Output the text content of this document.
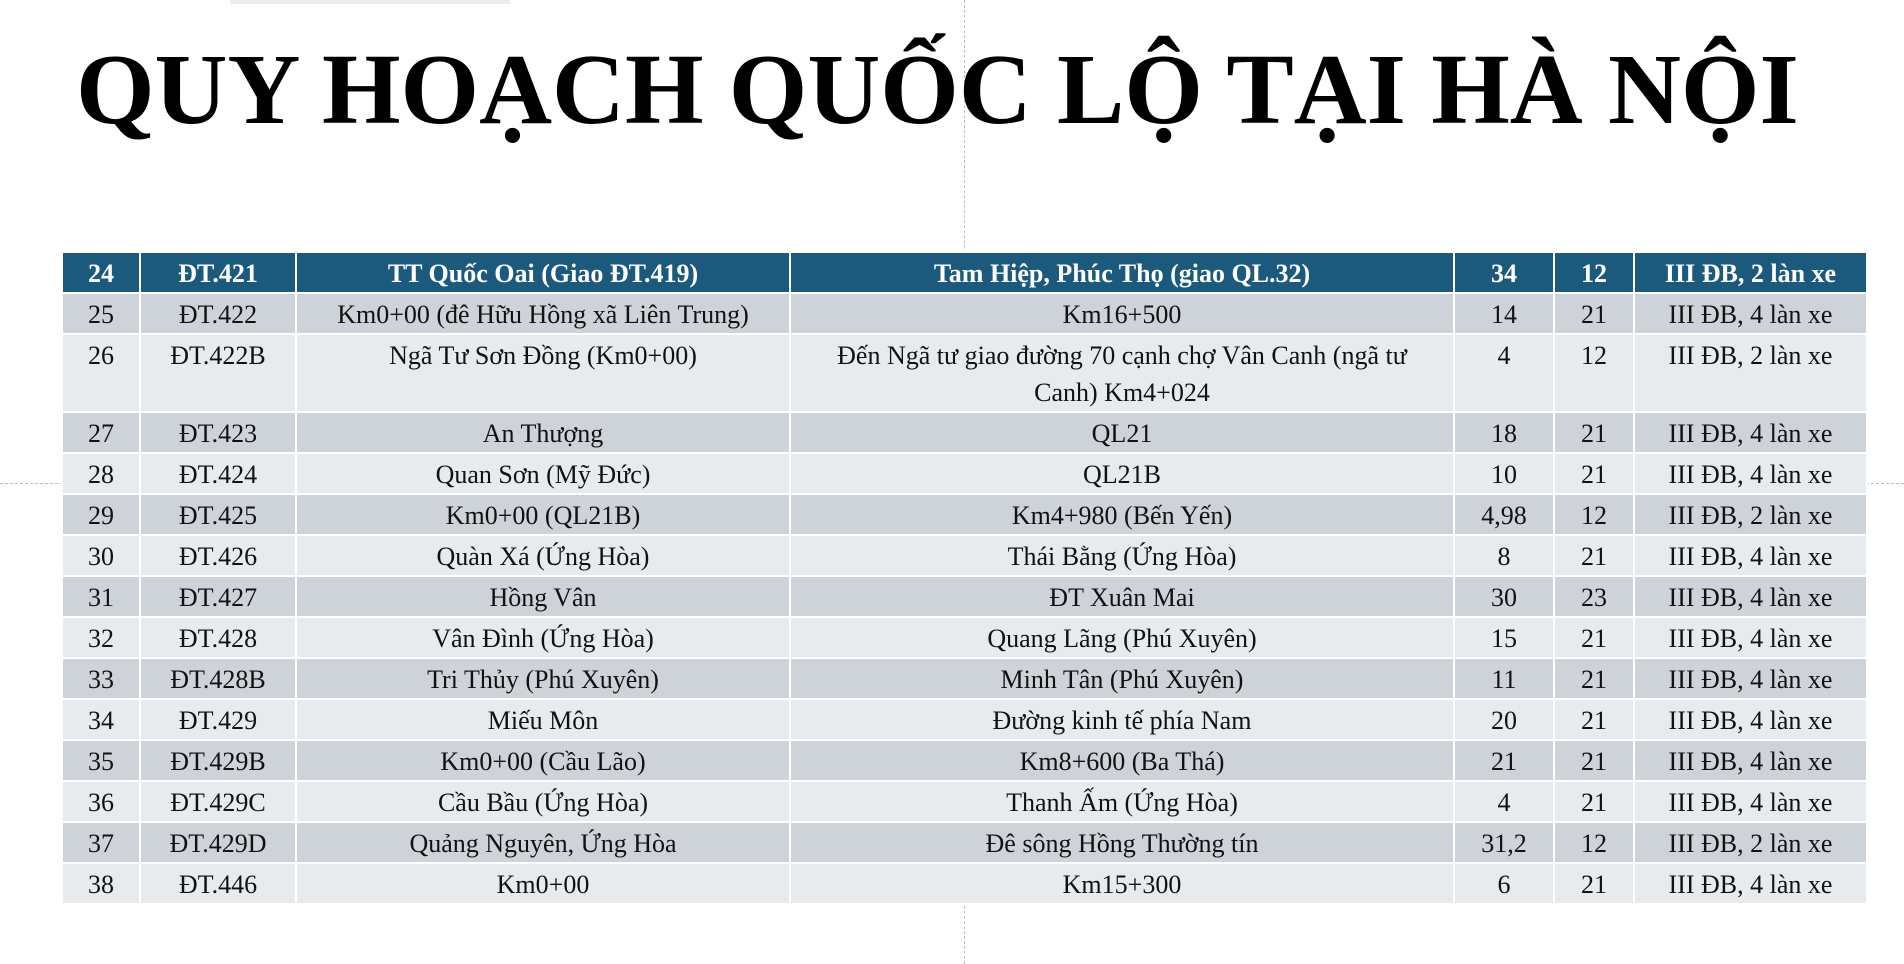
QUY HOẠCH QUỐC LỘ TẠI HÀ NỘI
24	ĐT.421	TT Quốc Oai (Giao ĐT.419)	Tam Hiệp, Phúc Thọ (giao QL.32)	34	12	III ĐB, 2 làn xe
25	ĐT.422	Km0+00 (đê Hữu Hồng xã Liên Trung)	Km16+500	14	21	III ĐB, 4 làn xe
26	ĐT.422B	Ngã Tư Sơn Đồng (Km0+00)	Đến Ngã tư giao đường 70 cạnh chợ Vân Canh (ngã tư Canh) Km4+024	4	12	III ĐB, 2 làn xe
27	ĐT.423	An Thượng	QL21	18	21	III ĐB, 4 làn xe
28	ĐT.424	Quan Sơn (Mỹ Đức)	QL21B	10	21	III ĐB, 4 làn xe
29	ĐT.425	Km0+00 (QL21B)	Km4+980 (Bến Yến)	4,98	12	III ĐB, 2 làn xe
30	ĐT.426	Quàn Xá (Ứng Hòa)	Thái Bằng (Ứng Hòa)	8	21	III ĐB, 4 làn xe
31	ĐT.427	Hồng Vân	ĐT Xuân Mai	30	23	III ĐB, 4 làn xe
32	ĐT.428	Vân Đình (Ứng Hòa)	Quang Lãng (Phú Xuyên)	15	21	III ĐB, 4 làn xe
33	ĐT.428B	Tri Thủy (Phú Xuyên)	Minh Tân (Phú Xuyên)	11	21	III ĐB, 4 làn xe
34	ĐT.429	Miếu Môn	Đường kinh tế phía Nam	20	21	III ĐB, 4 làn xe
35	ĐT.429B	Km0+00 (Cầu Lão)	Km8+600 (Ba Thá)	21	21	III ĐB, 4 làn xe
36	ĐT.429C	Cầu Bầu (Ứng Hòa)	Thanh Ấm (Ứng Hòa)	4	21	III ĐB, 4 làn xe
37	ĐT.429D	Quảng Nguyên, Ứng Hòa	Đê sông Hồng Thường tín	31,2	12	III ĐB, 2 làn xe
38	ĐT.446	Km0+00	Km15+300	6	21	III ĐB, 4 làn xe
